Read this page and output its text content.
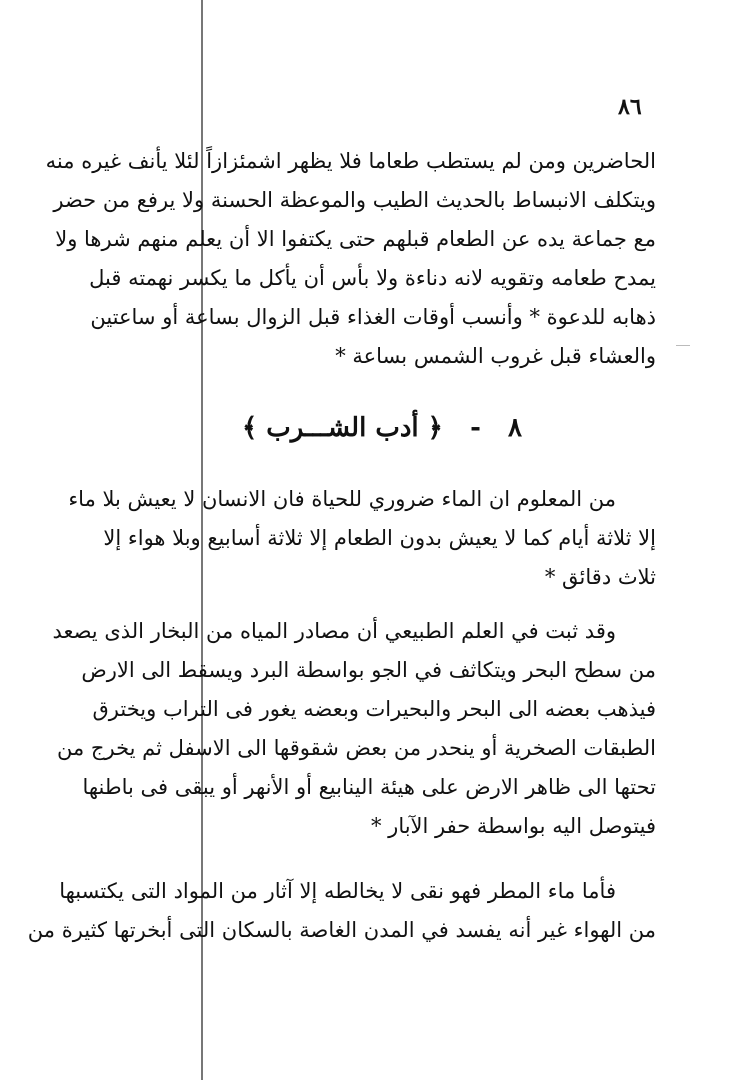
٨٦
الحاضرين ومن لم يستطب طعاما فلا يظهر اشمئزازاً لئلا يأنف غيره منه
ويتكلف الانبساط بالحديث الطيب والموعظة الحسنة ولا يرفع من حضر
مع جماعة يده عن الطعام قبلهم حتى يكتفوا الا أن يعلم منهم شرها ولا
يمدح طعامه وتقويه لانه دناءة ولا بأس أن يأكل ما يكسر نهمته قبل
ذهابه للدعوة * وأنسب أوقات الغذاء قبل الزوال بساعة أو ساعتين
والعشاء قبل غروب الشمس بساعة *
٨   -   ﴿ أدب الشـــرب ﴾
من المعلوم ان الماء ضروري للحياة فان الانسان لا يعيش بلا ماء
إلا ثلاثة أيام كما لا يعيش بدون الطعام إلا ثلاثة أسابيع وبلا هواء إلا
ثلاث دقائق *
وقد ثبت في العلم الطبيعي أن مصادر المياه من البخار الذى يصعد
من سطح البحر ويتكاثف في الجو بواسطة البرد ويسقط الى الارض
فيذهب بعضه الى البحر والبحيرات وبعضه يغور فى التراب ويخترق
الطبقات الصخرية أو ينحدر من بعض شقوقها الى الاسفل ثم يخرج من
تحتها الى ظاهر الارض على هيئة الينابيع أو الأنهر أو يبقى فى باطنها
فيتوصل اليه بواسطة حفر الآبار *
فأما ماء المطر فهو نقى لا يخالطه إلا آثار من المواد التى يكتسبها
من الهواء غير أنه يفسد في المدن الغاصة بالسكان التى أبخرتها كثيرة من
